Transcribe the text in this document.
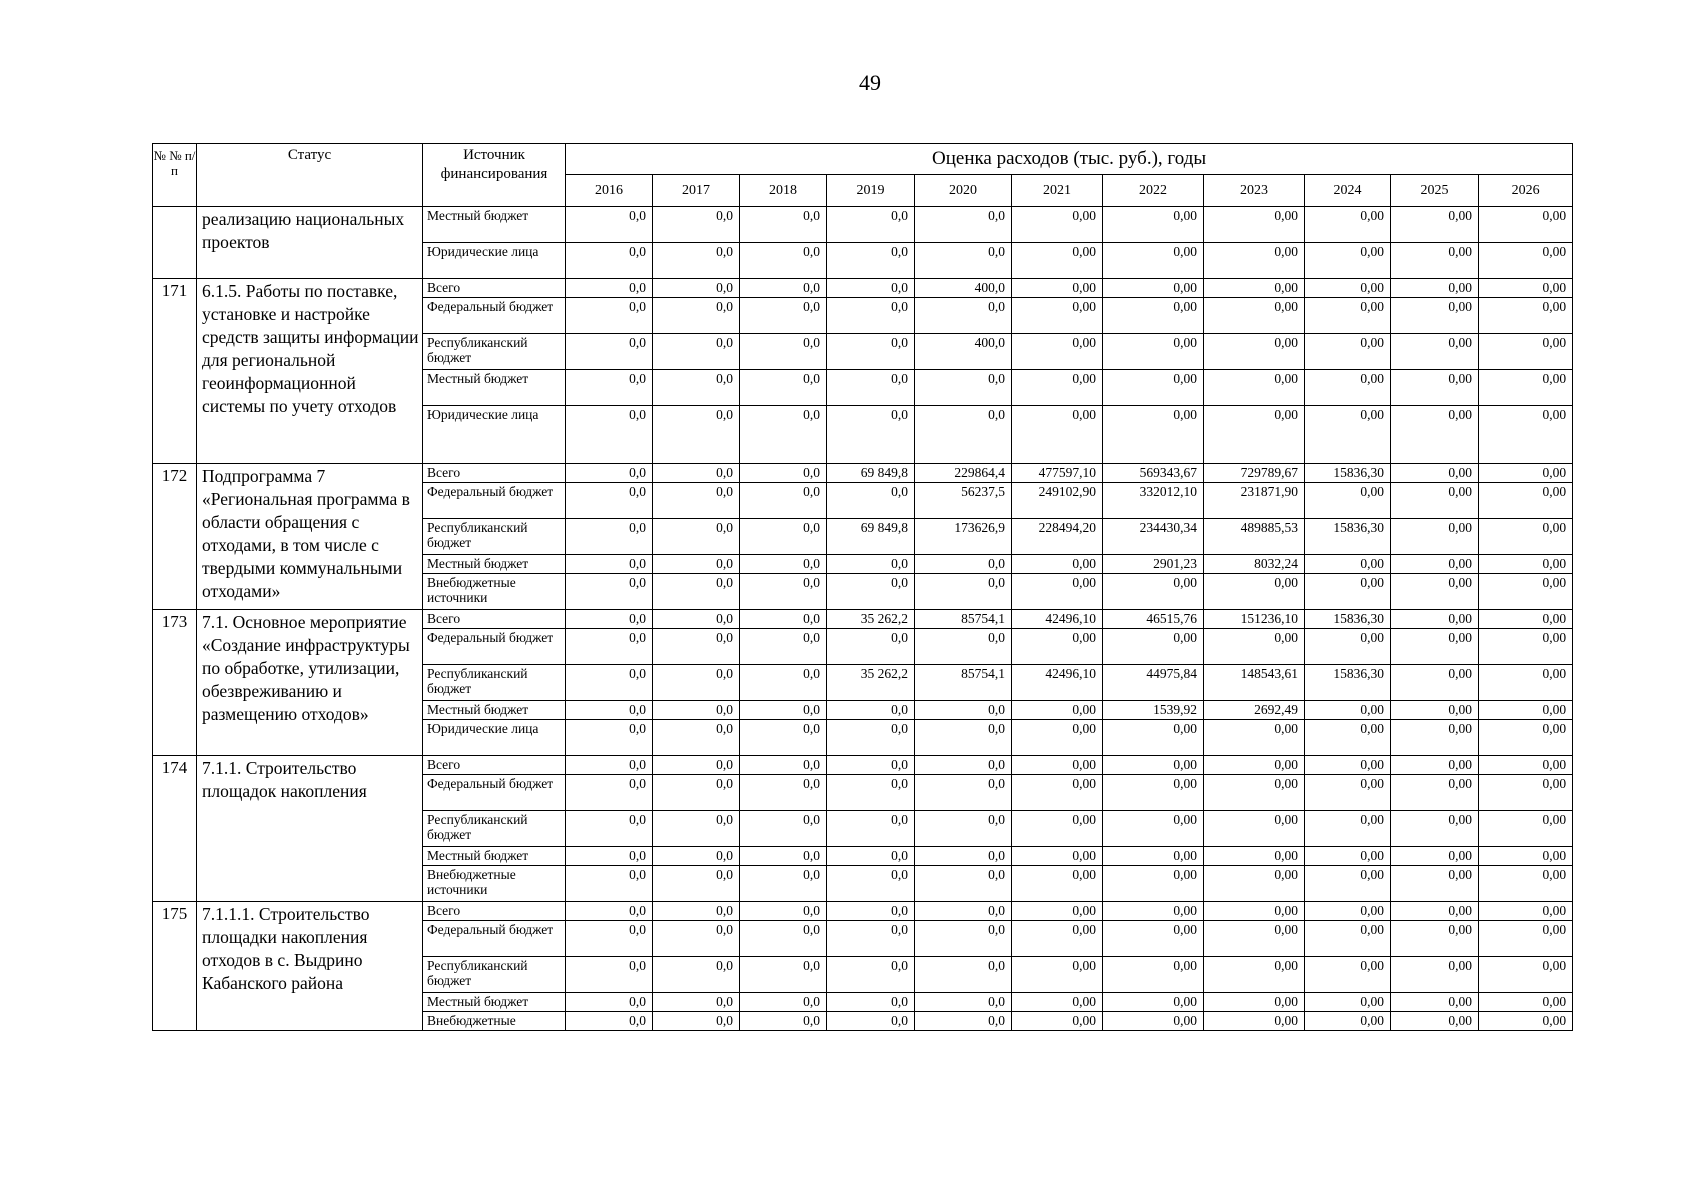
49
№ № п/п	Статус	Источник финансирования	Оценка расходов (тыс. руб.), годы										
			2016	2017	2018	2019	2020	2021	2022	2023	2024	2025	2026
	реализацию национальных проектов	Местный бюджет	0,0	0,0	0,0	0,0	0,0	0,00	0,00	0,00	0,00	0,00	0,00
		Юридические лица	0,0	0,0	0,0	0,0	0,0	0,00	0,00	0,00	0,00	0,00	0,00
171	6.1.5. Работы по поставке, установке и настройке средств защиты информации для региональной геоинформационной системы по учету отходов	Всего	0,0	0,0	0,0	0,0	400,0	0,00	0,00	0,00	0,00	0,00	0,00
		Федеральный бюджет	0,0	0,0	0,0	0,0	0,0	0,00	0,00	0,00	0,00	0,00	0,00
		Республиканский бюджет	0,0	0,0	0,0	0,0	400,0	0,00	0,00	0,00	0,00	0,00	0,00
		Местный бюджет	0,0	0,0	0,0	0,0	0,0	0,00	0,00	0,00	0,00	0,00	0,00
		Юридические лица	0,0	0,0	0,0	0,0	0,0	0,00	0,00	0,00	0,00	0,00	0,00
172	Подпрограмма 7 «Региональная программа в области обращения с отходами, в том числе с твердыми коммунальными отходами»	Всего	0,0	0,0	0,0	69 849,8	229864,4	477597,10	569343,67	729789,67	15836,30	0,00	0,00
		Федеральный бюджет	0,0	0,0	0,0	0,0	56237,5	249102,90	332012,10	231871,90	0,00	0,00	0,00
		Республиканский бюджет	0,0	0,0	0,0	69 849,8	173626,9	228494,20	234430,34	489885,53	15836,30	0,00	0,00
		Местный бюджет	0,0	0,0	0,0	0,0	0,0	0,00	2901,23	8032,24	0,00	0,00	0,00
		Внебюджетные источники	0,0	0,0	0,0	0,0	0,0	0,00	0,00	0,00	0,00	0,00	0,00
173	7.1. Основное мероприятие «Создание инфраструктуры по обработке, утилизации, обезвреживанию и размещению отходов»	Всего	0,0	0,0	0,0	35 262,2	85754,1	42496,10	46515,76	151236,10	15836,30	0,00	0,00
		Федеральный бюджет	0,0	0,0	0,0	0,0	0,0	0,00	0,00	0,00	0,00	0,00	0,00
		Республиканский бюджет	0,0	0,0	0,0	35 262,2	85754,1	42496,10	44975,84	148543,61	15836,30	0,00	0,00
		Местный бюджет	0,0	0,0	0,0	0,0	0,0	0,00	1539,92	2692,49	0,00	0,00	0,00
		Юридические лица	0,0	0,0	0,0	0,0	0,0	0,00	0,00	0,00	0,00	0,00	0,00
174	7.1.1. Строительство площадок накопления	Всего	0,0	0,0	0,0	0,0	0,0	0,00	0,00	0,00	0,00	0,00	0,00
		Федеральный бюджет	0,0	0,0	0,0	0,0	0,0	0,00	0,00	0,00	0,00	0,00	0,00
		Республиканский бюджет	0,0	0,0	0,0	0,0	0,0	0,00	0,00	0,00	0,00	0,00	0,00
		Местный бюджет	0,0	0,0	0,0	0,0	0,0	0,00	0,00	0,00	0,00	0,00	0,00
		Внебюджетные источники	0,0	0,0	0,0	0,0	0,0	0,00	0,00	0,00	0,00	0,00	0,00
175	7.1.1.1. Строительство площадки накопления отходов в с. Выдрино Кабанского района	Всего	0,0	0,0	0,0	0,0	0,0	0,00	0,00	0,00	0,00	0,00	0,00
		Федеральный бюджет	0,0	0,0	0,0	0,0	0,0	0,00	0,00	0,00	0,00	0,00	0,00
		Республиканский бюджет	0,0	0,0	0,0	0,0	0,0	0,00	0,00	0,00	0,00	0,00	0,00
		Местный бюджет	0,0	0,0	0,0	0,0	0,0	0,00	0,00	0,00	0,00	0,00	0,00
		Внебюджетные	0,0	0,0	0,0	0,0	0,0	0,00	0,00	0,00	0,00	0,00	0,00
